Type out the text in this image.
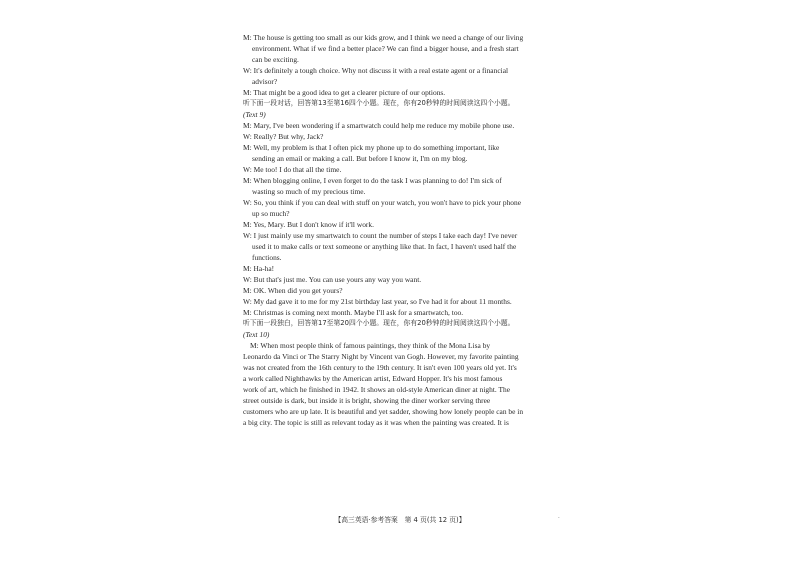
M: The house is getting too small as our kids grow, and I think we need a change of our living
environment. What if we find a better place? We can find a bigger house, and a fresh start
can be exciting.
W: It's definitely a tough choice. Why not discuss it with a real estate agent or a financial
advisor?
M: That might be a good idea to get a clearer picture of our options.
听下面一段对话，回答第13至第16四个小题。现在，你有20秒钟的时间阅读这四个小题。
(Text 9)
M: Mary, I've been wondering if a smartwatch could help me reduce my mobile phone use.
W: Really? But why, Jack?
M: Well, my problem is that I often pick my phone up to do something important, like
sending an email or making a call. But before I know it, I'm on my blog.
W: Me too! I do that all the time.
M: When blogging online, I even forget to do the task I was planning to do! I'm sick of
wasting so much of my precious time.
W: So, you think if you can deal with stuff on your watch, you won't have to pick your phone
up so much?
M: Yes, Mary. But I don't know if it'll work.
W: I just mainly use my smartwatch to count the number of steps I take each day! I've never
used it to make calls or text someone or anything like that. In fact, I haven't used half the
functions.
M: Ha-ha!
W: But that's just me. You can use yours any way you want.
M: OK. When did you get yours?
W: My dad gave it to me for my 21st birthday last year, so I've had it for about 11 months.
M: Christmas is coming next month. Maybe I'll ask for a smartwatch, too.
听下面一段独白，回答第17至第20四个小题。现在，你有20秒钟的时间阅读这四个小题。
(Text 10)
M: When most people think of famous paintings, they think of the Mona Lisa by
Leonardo da Vinci or The Starry Night by Vincent van Gogh. However, my favorite painting
was not created from the 16th century to the 19th century. It isn't even 100 years old yet. It's
a work called Nighthawks by the American artist, Edward Hopper. It's his most famous
work of art, which he finished in 1942. It shows an old-style American diner at night. The
street outside is dark, but inside it is bright, showing the diner worker serving three
customers who are up late. It is beautiful and yet sadder, showing how lonely people can be in
a big city. The topic is still as relevant today as it was when the painting was created. It is
【高三英语·参考答案　第 4 页(共 12 页)】	.
